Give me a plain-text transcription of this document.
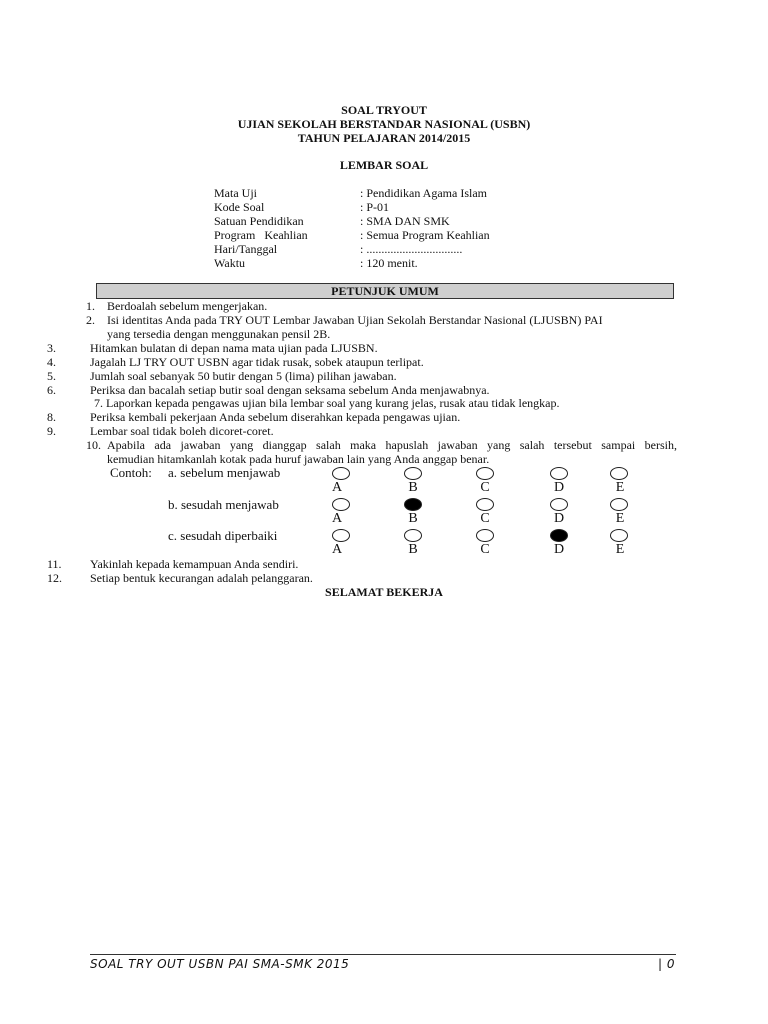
SOAL TRYOUT
UJIAN SEKOLAH BERSTANDAR NASIONAL (USBN)
TAHUN PELAJARAN 2014/2015
LEMBAR SOAL
Mata Uji	: Pendidikan Agama Islam
Kode Soal	: P-01
Satuan Pendidikan	: SMA DAN SMK
Program   Keahlian	: Semua Program Keahlian
Hari/Tanggal	: ................................
Waktu	: 120 menit.
PETUNJUK UMUM
1. Berdoalah sebelum mengerjakan.
2. Isi identitas Anda pada TRY OUT Lembar Jawaban Ujian Sekolah Berstandar Nasional (LJUSBN) PAI
yang tersedia dengan menggunakan pensil 2B.
3.	Hitamkan bulatan di depan nama mata ujian pada LJUSBN.
4.	Jagalah LJ TRY OUT USBN agar tidak rusak, sobek ataupun terlipat.
5.	Jumlah soal sebanyak 50 butir dengan 5 (lima) pilihan jawaban.
6.	Periksa dan bacalah setiap butir soal dengan seksama sebelum Anda menjawabnya.
7. Laporkan kepada pengawas ujian bila lembar soal yang kurang jelas, rusak atau tidak lengkap.
8.	Periksa kembali pekerjaan Anda sebelum diserahkan kepada pengawas ujian.
9.	Lembar soal tidak boleh dicoret-coret.
10. Apabila ada jawaban yang dianggap salah maka hapuslah jawaban yang salah tersebut sampai bersih,
kemudian hitamkanlah kotak pada huruf jawaban lain yang Anda anggap benar.
Contoh: a. sebelum menjawab
A	B	C	D	E
b. sesudah menjawab
A	B	C	D	E
c. sesudah diperbaiki
A	B	C	D	E
11. Yakinlah kepada kemampuan Anda sendiri.
12. Setiap bentuk kecurangan adalah pelanggaran.
SELAMAT BEKERJA
SOAL TRY OUT USBN PAI SMA-SMK 2015	| 0
